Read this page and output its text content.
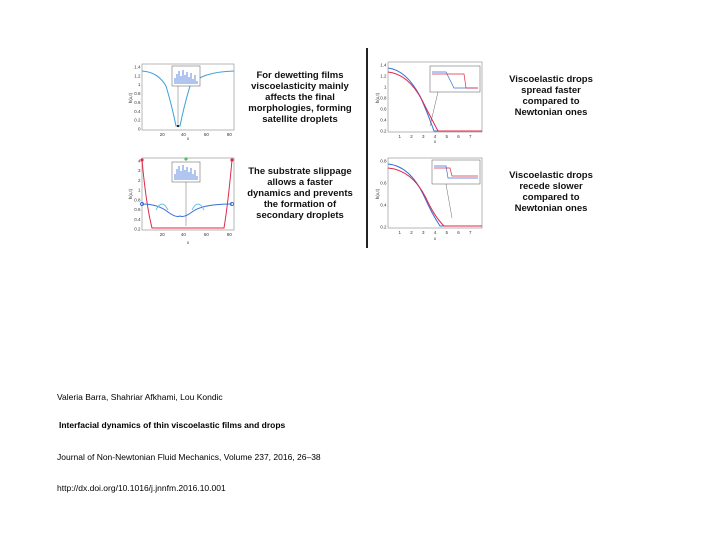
1.4
1.2
1
0.8
0.6
0.4
0.2
0
20	40	60	80
x
h(x,t)
For dewetting films
viscoelasticity mainly
affects the final
morphologies, forming
satellite droplets
1.4
1.2
1
0.8
0.6
0.4
0.2
1 2 3 4 5 6 7
x
h(x,t)
Viscoelastic drops
spread faster
compared to
Newtonian ones
4
3
2
1
0.8
0.6
0.4
0.2
20	40	60	80
x
h(x,t)
The substrate slippage
allows a faster
dynamics and prevents
the formation of
secondary droplets
0.8
0.6
0.4
0.2
1 2 3 4 5 6 7
x
h(x,t)
Viscoelastic drops
recede slower
compared to
Newtonian ones
Valeria Barra, Shahriar Afkhami, Lou Kondic
Interfacial dynamics of thin viscoelastic films and drops
Journal of Non-Newtonian Fluid Mechanics, Volume 237, 2016, 26–38
http://dx.doi.org/10.1016/j.jnnfm.2016.10.001
